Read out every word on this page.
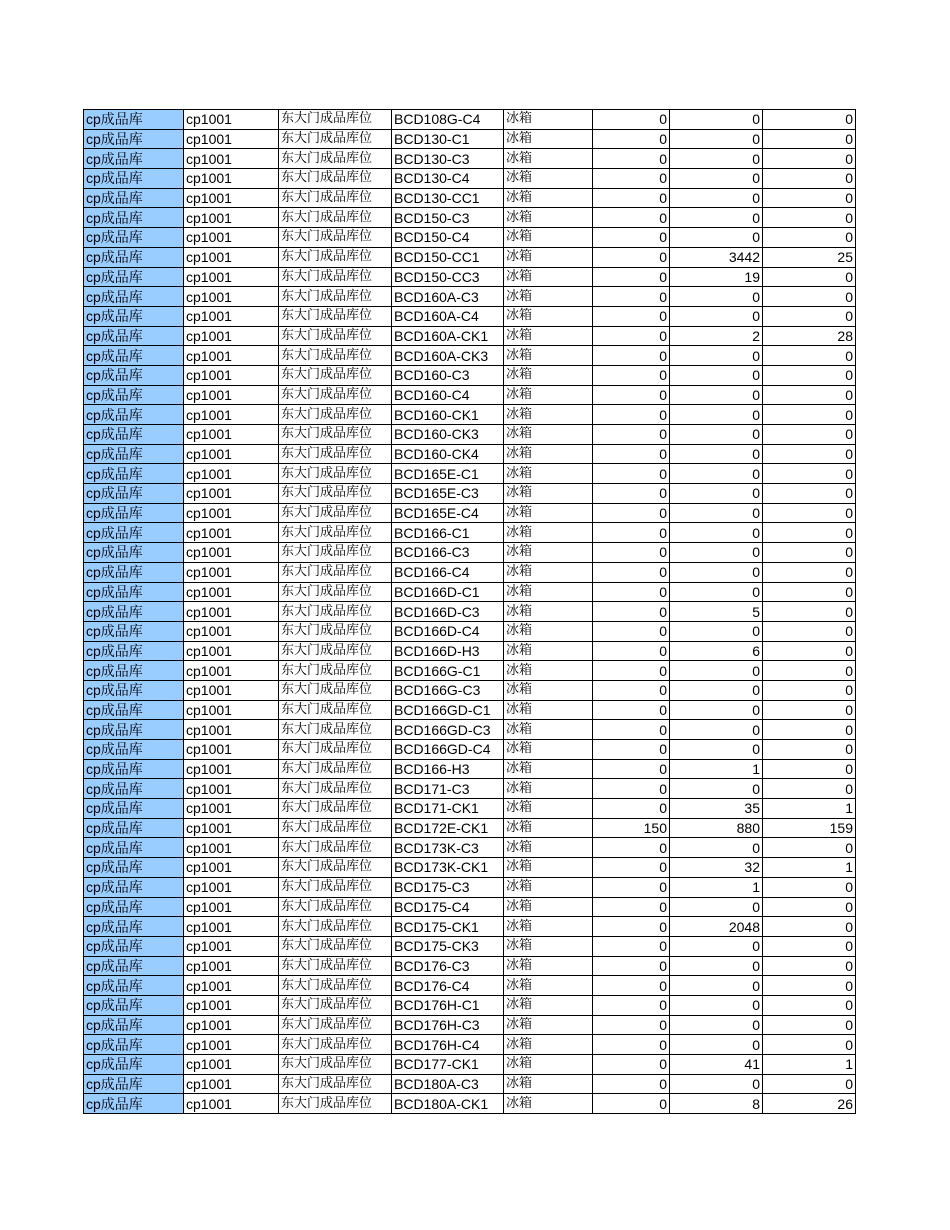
cp成品库	cp1001	东大门成品库位	BCD108G-C4	冰箱	0	0	0
cp成品库	cp1001	东大门成品库位	BCD130-C1	冰箱	0	0	0
cp成品库	cp1001	东大门成品库位	BCD130-C3	冰箱	0	0	0
cp成品库	cp1001	东大门成品库位	BCD130-C4	冰箱	0	0	0
cp成品库	cp1001	东大门成品库位	BCD130-CC1	冰箱	0	0	0
cp成品库	cp1001	东大门成品库位	BCD150-C3	冰箱	0	0	0
cp成品库	cp1001	东大门成品库位	BCD150-C4	冰箱	0	0	0
cp成品库	cp1001	东大门成品库位	BCD150-CC1	冰箱	0	3442	25
cp成品库	cp1001	东大门成品库位	BCD150-CC3	冰箱	0	19	0
cp成品库	cp1001	东大门成品库位	BCD160A-C3	冰箱	0	0	0
cp成品库	cp1001	东大门成品库位	BCD160A-C4	冰箱	0	0	0
cp成品库	cp1001	东大门成品库位	BCD160A-CK1	冰箱	0	2	28
cp成品库	cp1001	东大门成品库位	BCD160A-CK3	冰箱	0	0	0
cp成品库	cp1001	东大门成品库位	BCD160-C3	冰箱	0	0	0
cp成品库	cp1001	东大门成品库位	BCD160-C4	冰箱	0	0	0
cp成品库	cp1001	东大门成品库位	BCD160-CK1	冰箱	0	0	0
cp成品库	cp1001	东大门成品库位	BCD160-CK3	冰箱	0	0	0
cp成品库	cp1001	东大门成品库位	BCD160-CK4	冰箱	0	0	0
cp成品库	cp1001	东大门成品库位	BCD165E-C1	冰箱	0	0	0
cp成品库	cp1001	东大门成品库位	BCD165E-C3	冰箱	0	0	0
cp成品库	cp1001	东大门成品库位	BCD165E-C4	冰箱	0	0	0
cp成品库	cp1001	东大门成品库位	BCD166-C1	冰箱	0	0	0
cp成品库	cp1001	东大门成品库位	BCD166-C3	冰箱	0	0	0
cp成品库	cp1001	东大门成品库位	BCD166-C4	冰箱	0	0	0
cp成品库	cp1001	东大门成品库位	BCD166D-C1	冰箱	0	0	0
cp成品库	cp1001	东大门成品库位	BCD166D-C3	冰箱	0	5	0
cp成品库	cp1001	东大门成品库位	BCD166D-C4	冰箱	0	0	0
cp成品库	cp1001	东大门成品库位	BCD166D-H3	冰箱	0	6	0
cp成品库	cp1001	东大门成品库位	BCD166G-C1	冰箱	0	0	0
cp成品库	cp1001	东大门成品库位	BCD166G-C3	冰箱	0	0	0
cp成品库	cp1001	东大门成品库位	BCD166GD-C1	冰箱	0	0	0
cp成品库	cp1001	东大门成品库位	BCD166GD-C3	冰箱	0	0	0
cp成品库	cp1001	东大门成品库位	BCD166GD-C4	冰箱	0	0	0
cp成品库	cp1001	东大门成品库位	BCD166-H3	冰箱	0	1	0
cp成品库	cp1001	东大门成品库位	BCD171-C3	冰箱	0	0	0
cp成品库	cp1001	东大门成品库位	BCD171-CK1	冰箱	0	35	1
cp成品库	cp1001	东大门成品库位	BCD172E-CK1	冰箱	150	880	159
cp成品库	cp1001	东大门成品库位	BCD173K-C3	冰箱	0	0	0
cp成品库	cp1001	东大门成品库位	BCD173K-CK1	冰箱	0	32	1
cp成品库	cp1001	东大门成品库位	BCD175-C3	冰箱	0	1	0
cp成品库	cp1001	东大门成品库位	BCD175-C4	冰箱	0	0	0
cp成品库	cp1001	东大门成品库位	BCD175-CK1	冰箱	0	2048	0
cp成品库	cp1001	东大门成品库位	BCD175-CK3	冰箱	0	0	0
cp成品库	cp1001	东大门成品库位	BCD176-C3	冰箱	0	0	0
cp成品库	cp1001	东大门成品库位	BCD176-C4	冰箱	0	0	0
cp成品库	cp1001	东大门成品库位	BCD176H-C1	冰箱	0	0	0
cp成品库	cp1001	东大门成品库位	BCD176H-C3	冰箱	0	0	0
cp成品库	cp1001	东大门成品库位	BCD176H-C4	冰箱	0	0	0
cp成品库	cp1001	东大门成品库位	BCD177-CK1	冰箱	0	41	1
cp成品库	cp1001	东大门成品库位	BCD180A-C3	冰箱	0	0	0
cp成品库	cp1001	东大门成品库位	BCD180A-CK1	冰箱	0	8	26
